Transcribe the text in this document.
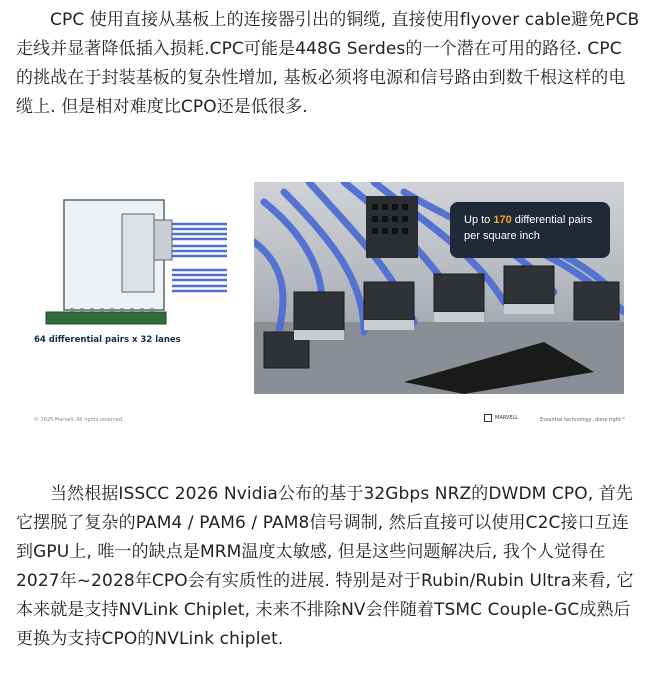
CPC 使用直接从基板上的连接器引出的铜缆, 直接使用flyover cable避免PCB走线并显著降低插入损耗.CPC可能是448G Serdes的一个潜在可用的路径. CPC 的挑战在于封装基板的复杂性增加, 基板必须将电源和信号路由到数千根这样的电缆上. 但是相对难度比CPO还是低很多.

64 differential pairs x 32 lanes
Up to 170 differential pairs per square inch
© 2025 Marvell. All rights reserved.	MARVELL	Essential technology, done right™

当然根据ISSCC 2026 Nvidia公布的基于32Gbps NRZ的DWDM CPO, 首先它摆脱了复杂的PAM4 / PAM6 / PAM8信号调制, 然后直接可以使用C2C接口互连到GPU上, 唯一的缺点是MRM温度太敏感, 但是这些问题解决后, 我个人觉得在2027年~2028年CPO会有实质性的进展. 特别是对于Rubin/Rubin Ultra来看, 它本来就是支持NVLink Chiplet, 未来不排除NV会伴随着TSMC Couple-GC成熟后更换为支持CPO的NVLink chiplet.
